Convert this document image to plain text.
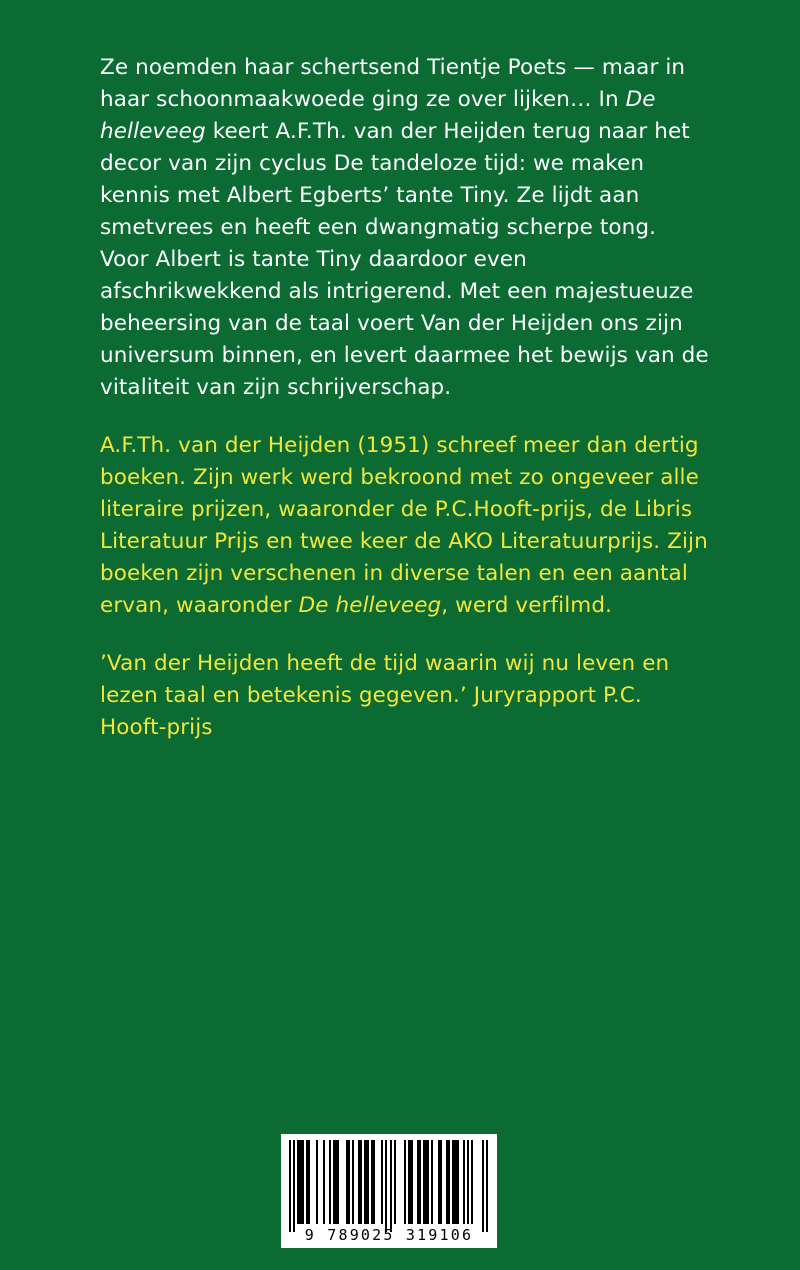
Ze noemden haar schertsend Tientje Poets — maar in haar schoonmaakwoede ging ze over lijken… In De helleveeg keert A.F.Th. van der Heijden terug naar het decor van zijn cyclus De tandeloze tijd: we maken kennis met Albert Egberts’ tante Tiny. Ze lijdt aan smetvrees en heeft een dwangmatig scherpe tong. Voor Albert is tante Tiny daardoor even afschrikwekkend als intrigerend. Met een majestueuze beheersing van de taal voert Van der Heijden ons zijn universum binnen, en levert daarmee het bewijs van de vitaliteit van zijn schrijverschap.

A.F.Th. van der Heijden (1951) schreef meer dan dertig boeken. Zijn werk werd bekroond met zo ongeveer alle literaire prijzen, waaronder de P.C.Hooft-prijs, de Libris Literatuur Prijs en twee keer de AKO Literatuurprijs. Zijn boeken zijn verschenen in diverse talen en een aantal ervan, waaronder De helleveeg, werd verfilmd.

’Van der Heijden heeft de tijd waarin wij nu leven en lezen taal en betekenis gegeven.’ Juryrapport P.C. Hooft-prijs

9 789025 319106
